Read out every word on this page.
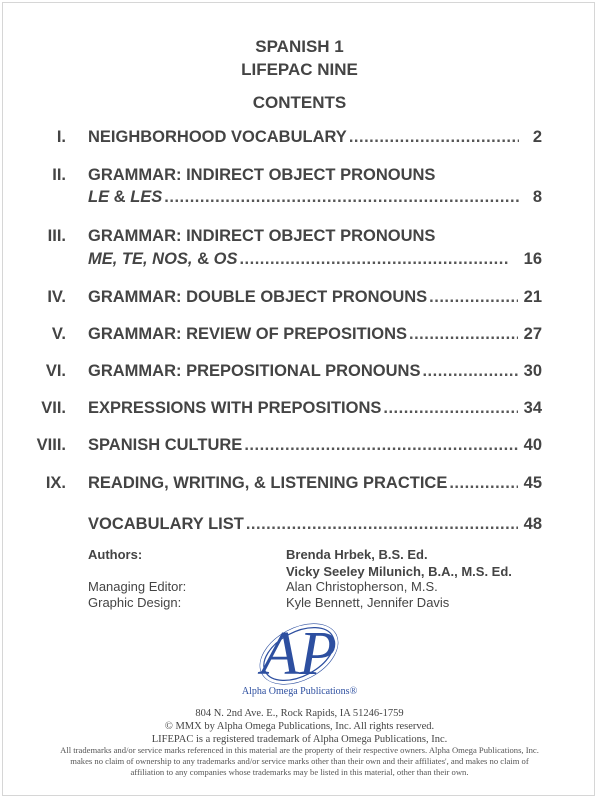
SPANISH 1
LIFEPAC NINE
CONTENTS
I. NEIGHBORHOOD VOCABULARY .....	2
II. GRAMMAR: INDIRECT OBJECT PRONOUNS
LE & LES .....	8
III. GRAMMAR: INDIRECT OBJECT PRONOUNS
ME, TE, NOS, & OS .....	16
IV. GRAMMAR: DOUBLE OBJECT PRONOUNS .....	21
V. GRAMMAR: REVIEW OF PREPOSITIONS .....	27
VI. GRAMMAR: PREPOSITIONAL PRONOUNS .....	30
VII. EXPRESSIONS WITH PREPOSITIONS .....	34
VIII. SPANISH CULTURE .....	40
IX. READING, WRITING, & LISTENING PRACTICE .....	45
VOCABULARY LIST .....	48
Authors:	Brenda Hrbek, B.S. Ed.
Vicky Seeley Milunich, B.A., M.S. Ed.
Managing Editor:	Alan Christopherson, M.S.
Graphic Design:	Kyle Bennett, Jennifer Davis
AP
Alpha Omega Publications®
804 N. 2nd Ave. E., Rock Rapids, IA 51246-1759
© MMX by Alpha Omega Publications, Inc. All rights reserved.
LIFEPAC is a registered trademark of Alpha Omega Publications, Inc.
All trademarks and/or service marks referenced in this material are the property of their respective owners. Alpha Omega Publications, Inc.
makes no claim of ownership to any trademarks and/or service marks other than their own and their affiliates', and makes no claim of
affiliation to any companies whose trademarks may be listed in this material, other than their own.
